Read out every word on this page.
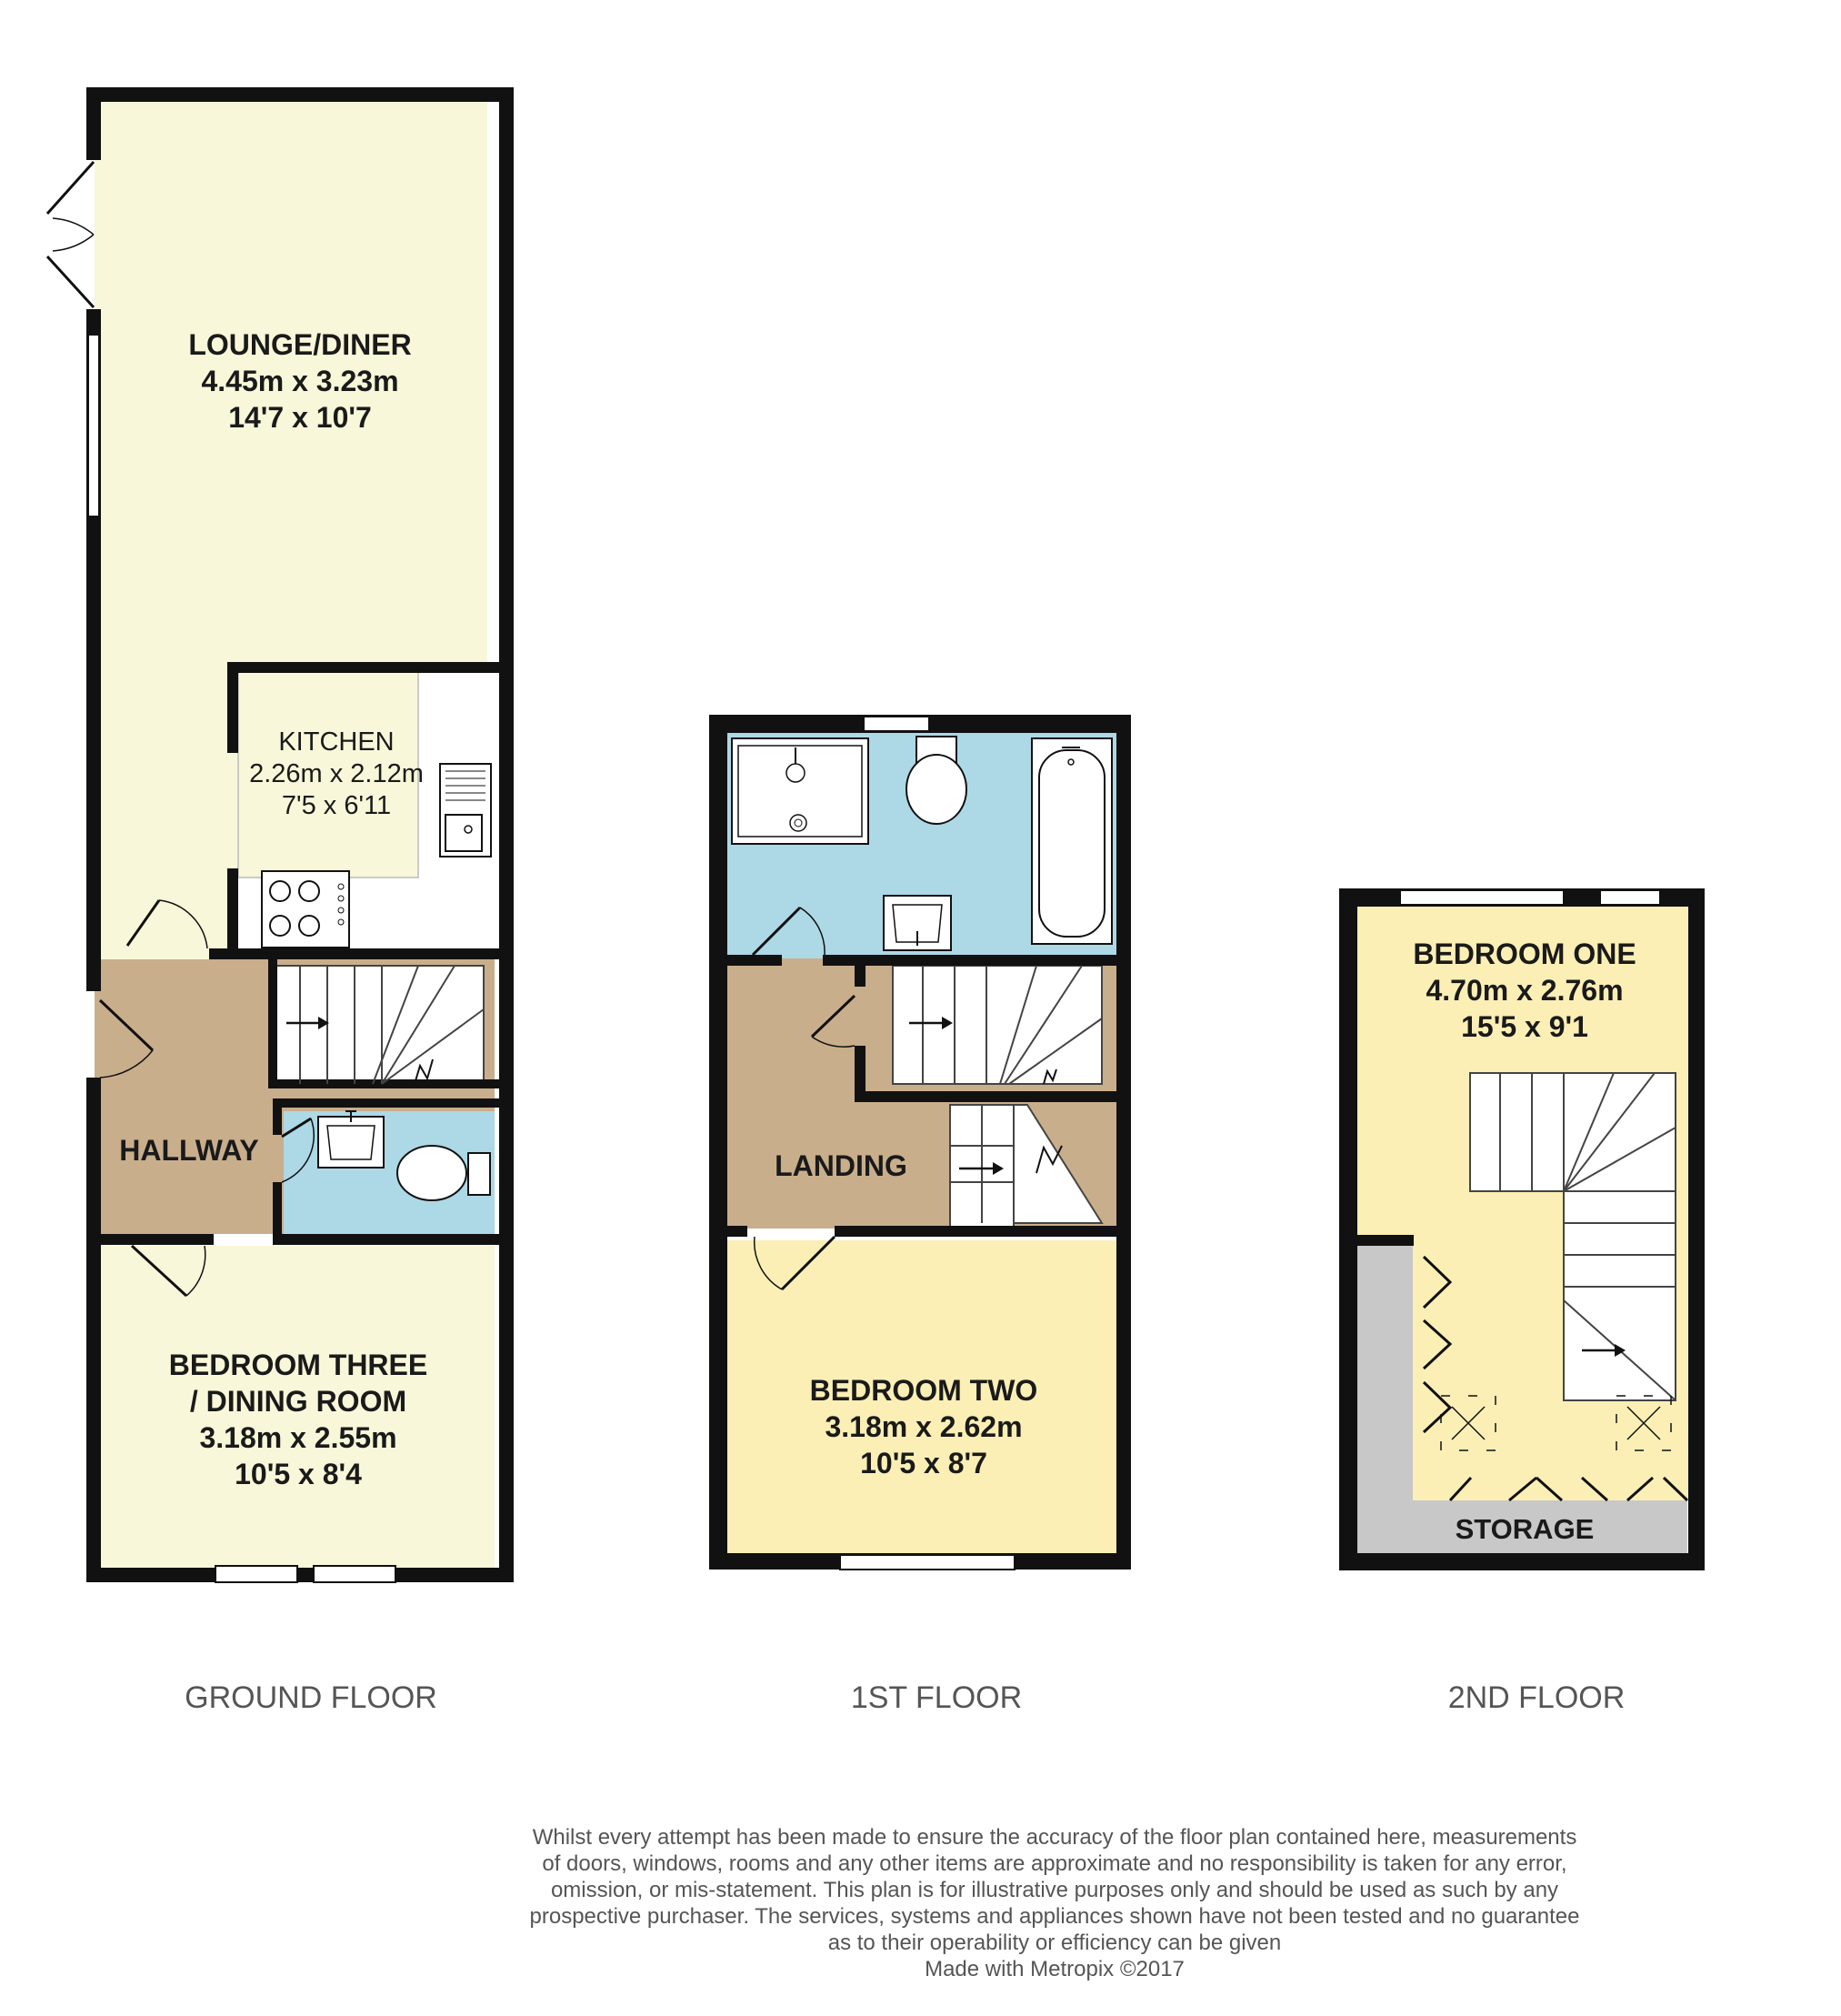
LOUNGE/DINER
4.45m x 3.23m
14'7 x 10'7
KITCHEN
2.26m x 2.12m
7'5 x 6'11
HALLWAY
BEDROOM THREE
/ DINING ROOM
3.18m x 2.55m
10'5 x 8'4
GROUND FLOOR
LANDING
BEDROOM TWO
3.18m x 2.62m
10'5 x 8'7
1ST FLOOR
BEDROOM ONE
4.70m x 2.76m
15'5 x 9'1
STORAGE
2ND FLOOR
Whilst every attempt has been made to ensure the accuracy of the floor plan contained here, measurements
of doors, windows, rooms and any other items are approximate and no responsibility is taken for any error,
omission, or mis-statement. This plan is for illustrative purposes only and should be used as such by any
prospective purchaser. The services, systems and appliances shown have not been tested and no guarantee
as to their operability or efficiency can be given
Made with Metropix ©2017
